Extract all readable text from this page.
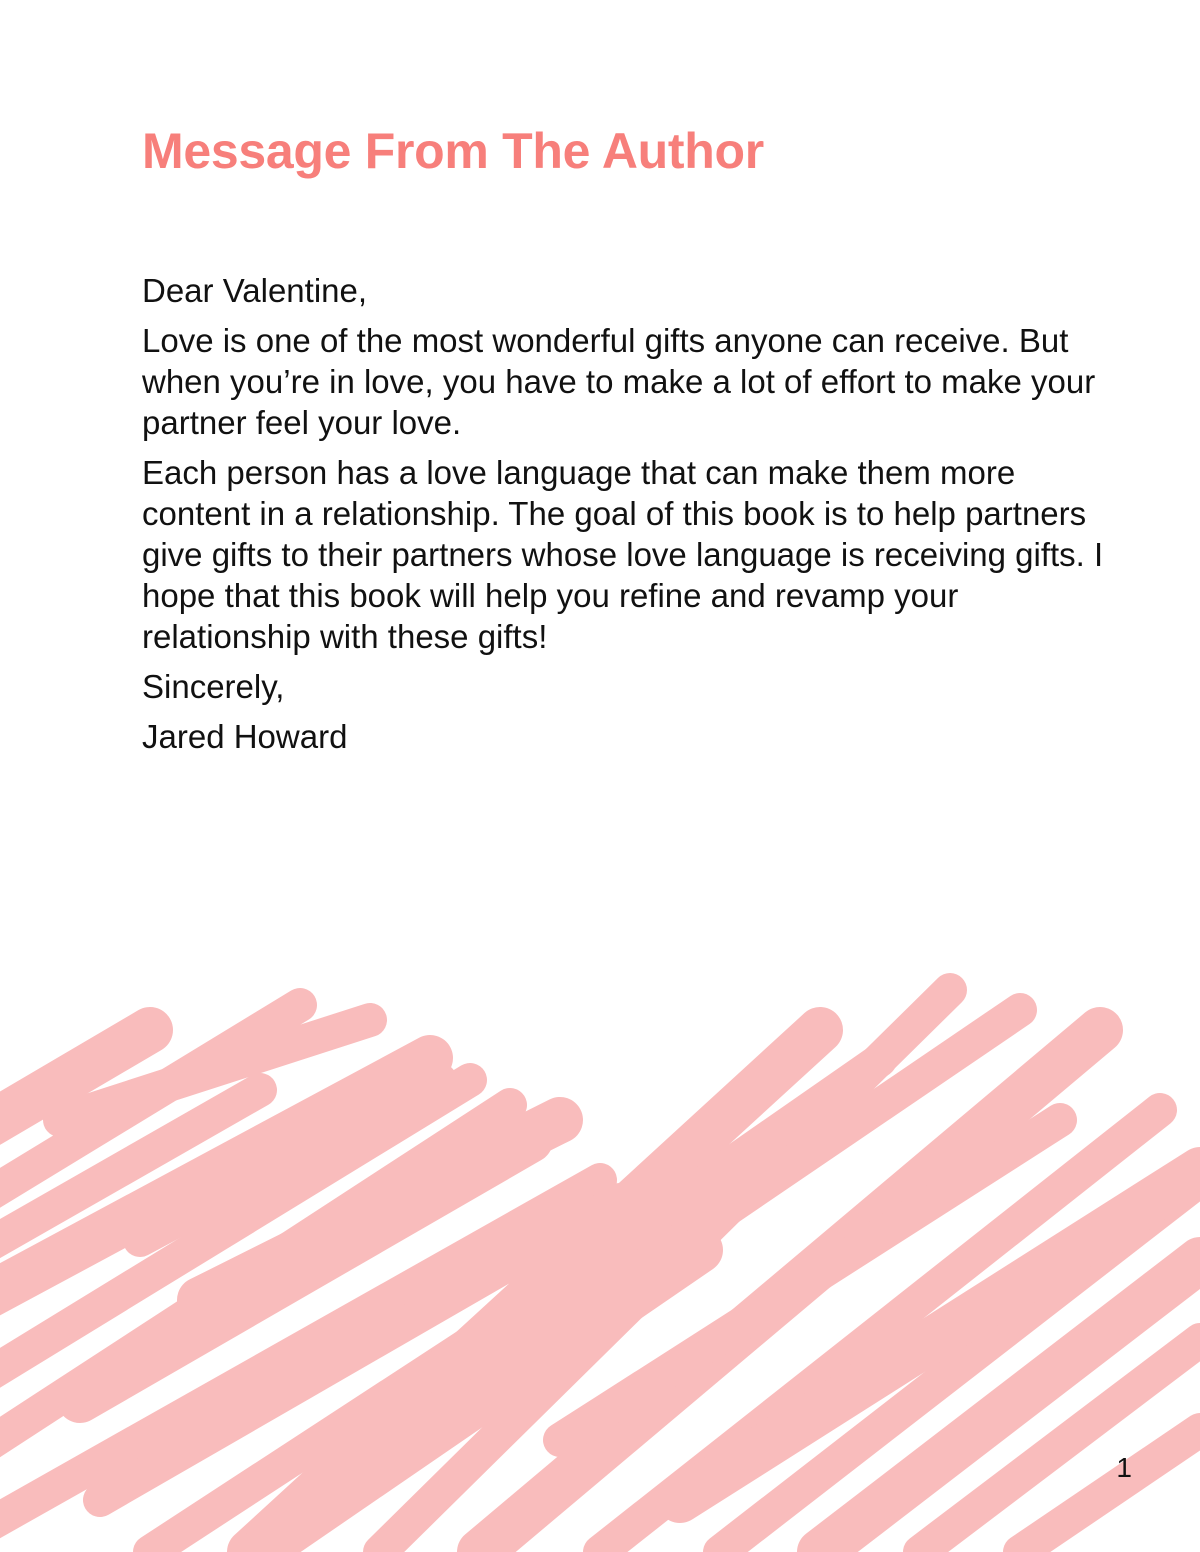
Message From The Author

Dear Valentine,

Love is one of the most wonderful gifts anyone can receive. But when you’re in love, you have to make a lot of effort to make your partner feel your love.

Each person has a love language that can make them more content in a relationship. The goal of this book is to help partners give gifts to their partners whose love language is receiving gifts. I hope that this book will help you refine and revamp your relationship with these gifts!

Sincerely,

Jared Howard

1
